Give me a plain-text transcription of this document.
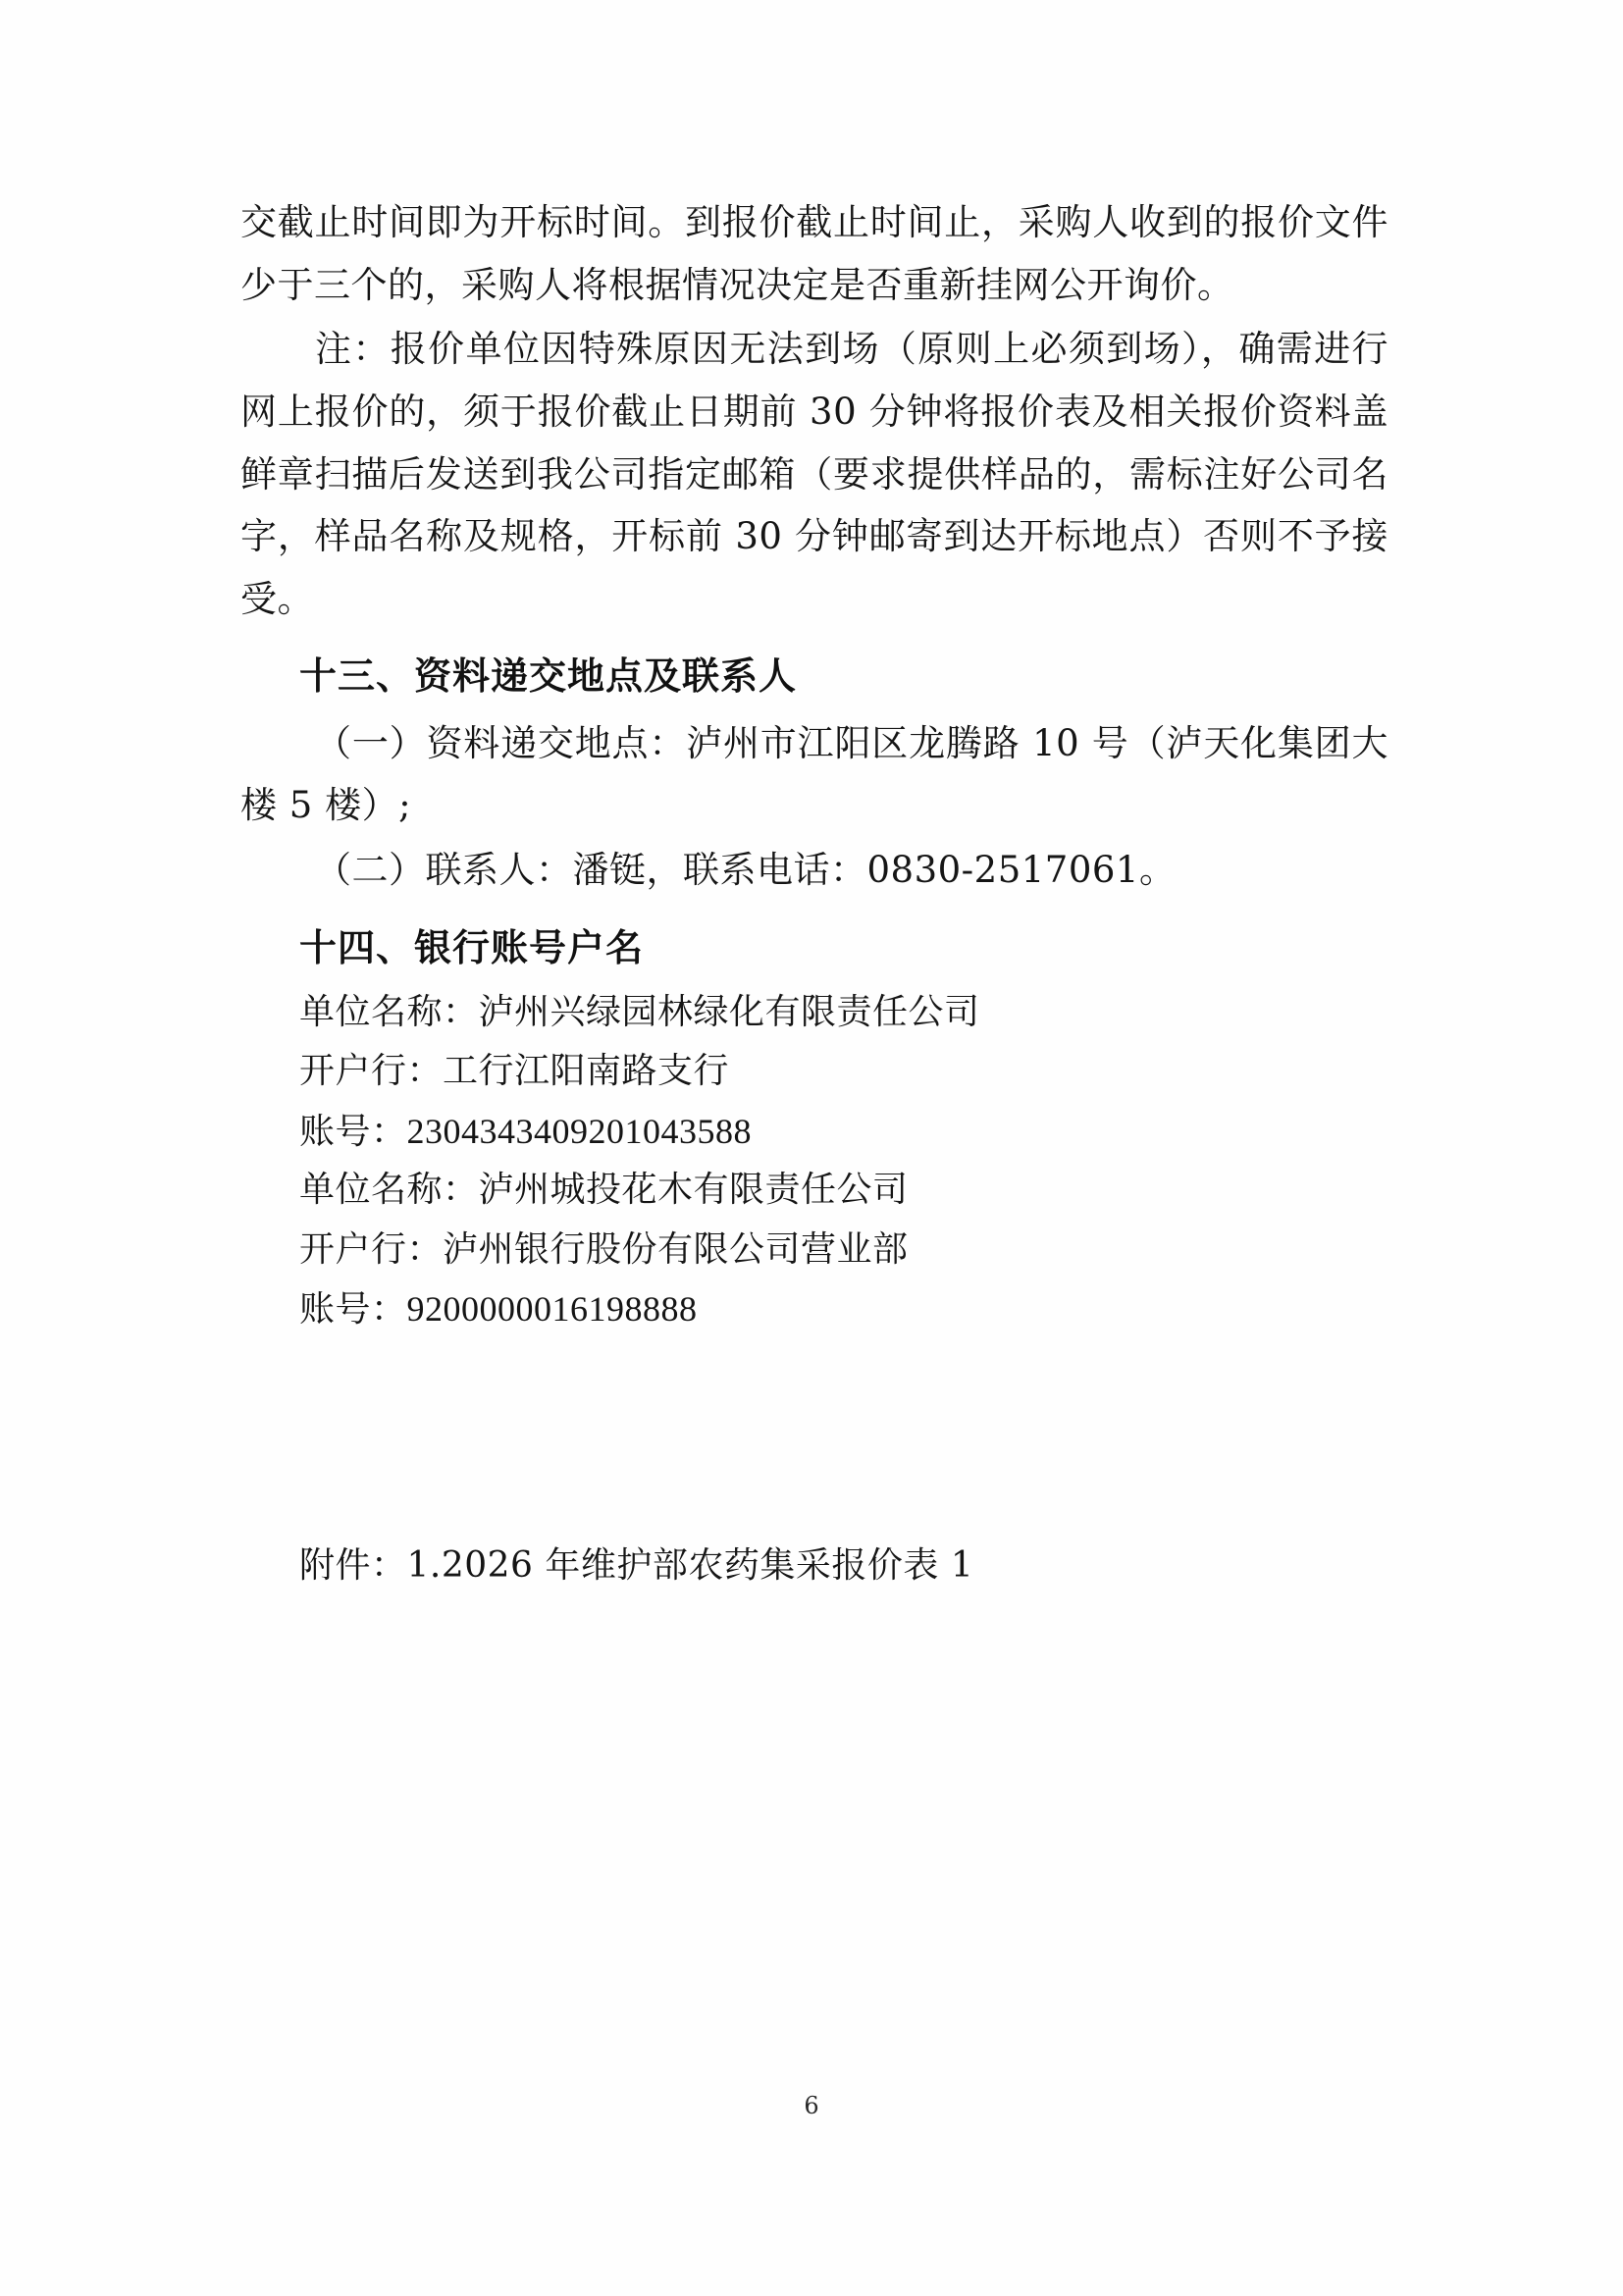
交截止时间即为开标时间。到报价截止时间止，采购人收到的报价文件少于三个的，采购人将根据情况决定是否重新挂网公开询价。

注：报价单位因特殊原因无法到场（原则上必须到场），确需进行网上报价的，须于报价截止日期前 30 分钟将报价表及相关报价资料盖鲜章扫描后发送到我公司指定邮箱（要求提供样品的，需标注好公司名字，样品名称及规格，开标前 30 分钟邮寄到达开标地点）否则不予接受。

十三、资料递交地点及联系人

（一）资料递交地点：泸州市江阳区龙腾路 10 号（泸天化集团大楼 5 楼）;

（二）联系人：潘铤，联系电话：0830-2517061。

十四、银行账号户名

单位名称：泸州兴绿园林绿化有限责任公司

开户行：工行江阳南路支行

账号：2304343409201043588

单位名称：泸州城投花木有限责任公司

开户行：泸州银行股份有限公司营业部

账号：9200000016198888

附件：1.2026 年维护部农药集采报价表 1

6
